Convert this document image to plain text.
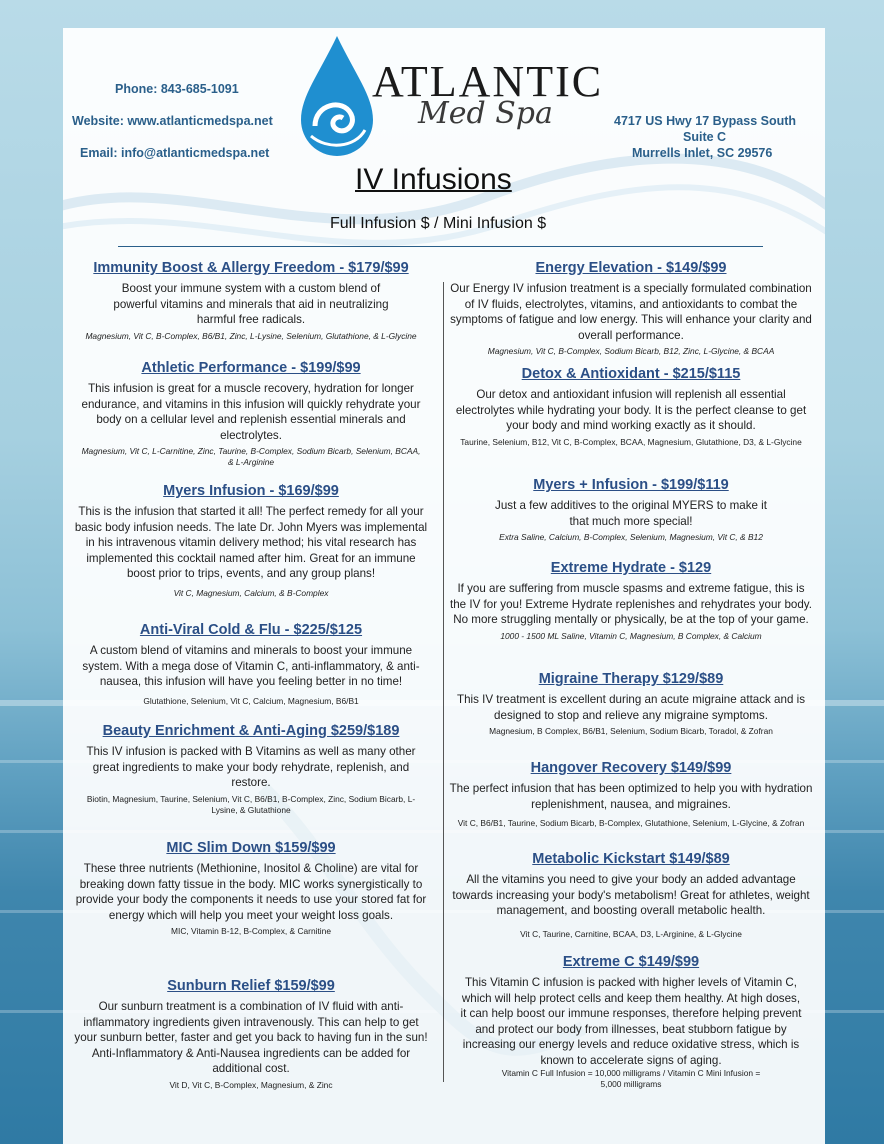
Phone: 843-685-1091
Website: www.atlanticmedspa.net
Email: info@atlanticmedspa.net
4717 US Hwy 17 Bypass South
Suite C
Murrells Inlet, SC 29576
ATLANTIC
Med Spa
IV Infusions
Full Infusion $ / Mini Infusion $
Immunity Boost & Allergy Freedom - $179/$99
Boost your immune system with a custom blend of powerful vitamins and minerals that aid in neutralizing harmful free radicals.
Magnesium, Vit C, B-Complex, B6/B1, Zinc, L-Lysine, Selenium, Glutathione, & L-Glycine
Athletic Performance - $199/$99
This infusion is great for a muscle recovery, hydration for longer endurance, and vitamins in this infusion will quickly rehydrate your body on a cellular level and replenish essential minerals and electrolytes.
Magnesium, Vit C, L-Carnitine, Zinc, Taurine, B-Complex, Sodium Bicarb, Selenium, BCAA, & L-Arginine
Myers Infusion - $169/$99
This is the infusion that started it all! The perfect remedy for all your basic body infusion needs. The late Dr. John Myers was implemental in his intravenous vitamin delivery method; his vital research has implemented this cocktail named after him. Great for an immune boost prior to trips, events, and any group plans!
Vit C, Magnesium, Calcium, & B-Complex
Anti-Viral Cold & Flu - $225/$125
A custom blend of vitamins and minerals to boost your immune system. With a mega dose of Vitamin C, anti-inflammatory, & anti-nausea, this infusion will have you feeling better in no time!
Glutathione, Selenium, Vit C, Calcium, Magnesium, B6/B1
Beauty Enrichment & Anti-Aging $259/$189
This IV infusion is packed with B Vitamins as well as many other great ingredients to make your body rehydrate, replenish, and restore.
Biotin, Magnesium, Taurine, Selenium, Vit C, B6/B1, B-Complex, Zinc, Sodium Bicarb, L-Lysine, & Glutathione
MIC Slim Down $159/$99
These three nutrients (Methionine, Inositol & Choline) are vital for breaking down fatty tissue in the body. MIC works synergistically to provide your body the components it needs to use your stored fat for energy which will help you meet your weight loss goals.
MIC, Vitamin B-12, B-Complex, & Carnitine
Sunburn Relief $159/$99
Our sunburn treatment is a combination of IV fluid with anti-inflammatory ingredients given intravenously. This can help to get your sunburn better, faster and get you back to having fun in the sun! Anti-Inflammatory & Anti-Nausea ingredients can be added for additional cost.
Vit D, Vit C, B-Complex, Magnesium, & Zinc
Energy Elevation - $149/$99
Our Energy IV infusion treatment is a specially formulated combination of IV fluids, electrolytes, vitamins, and antioxidants to combat the symptoms of fatigue and low energy. This will enhance your clarity and overall performance.
Magnesium, Vit C, B-Complex, Sodium Bicarb, B12, Zinc, L-Glycine, & BCAA
Detox & Antioxidant - $215/$115
Our detox and antioxidant infusion will replenish all essential electrolytes while hydrating your body. It is the perfect cleanse to get your body and mind working exactly as it should.
Taurine, Selenium, B12, Vit C, B-Complex, BCAA, Magnesium, Glutathione, D3, & L-Glycine
Myers + Infusion - $199/$119
Just a few additives to the original MYERS to make it that much more special!
Extra Saline, Calcium, B-Complex, Selenium, Magnesium, Vit C, & B12
Extreme Hydrate - $129
If you are suffering from muscle spasms and extreme fatigue, this is the IV for you! Extreme Hydrate replenishes and rehydrates your body. No more struggling mentally or physically, be at the top of your game.
1000 - 1500 ML Saline, Vitamin C, Magnesium, B Complex, & Calcium
Migraine Therapy $129/$89
This IV treatment is excellent during an acute migraine attack and is designed to stop and relieve any migraine symptoms.
Magnesium, B Complex, B6/B1, Selenium, Sodium Bicarb, Toradol, & Zofran
Hangover Recovery $149/$99
The perfect infusion that has been optimized to help you with hydration replenishment, nausea, and migraines.
Vit C, B6/B1, Taurine, Sodium Bicarb, B-Complex, Glutathione, Selenium, L-Glycine, & Zofran
Metabolic Kickstart $149/$89
All the vitamins you need to give your body an added advantage towards increasing your body's metabolism! Great for athletes, weight management, and boosting overall metabolic health.
Vit C, Taurine, Carnitine, BCAA, D3, L-Arginine, & L-Glycine
Extreme C $149/$99
This Vitamin C infusion is packed with higher levels of Vitamin C, which will help protect cells and keep them healthy. At high doses, it can help boost our immune responses, therefore helping prevent and protect our body from illnesses, beat stubborn fatigue by increasing our energy levels and reduce oxidative stress, which is known to accelerate signs of aging.
Vitamin C Full Infusion = 10,000 milligrams / Vitamin C Mini Infusion = 5,000 milligrams
